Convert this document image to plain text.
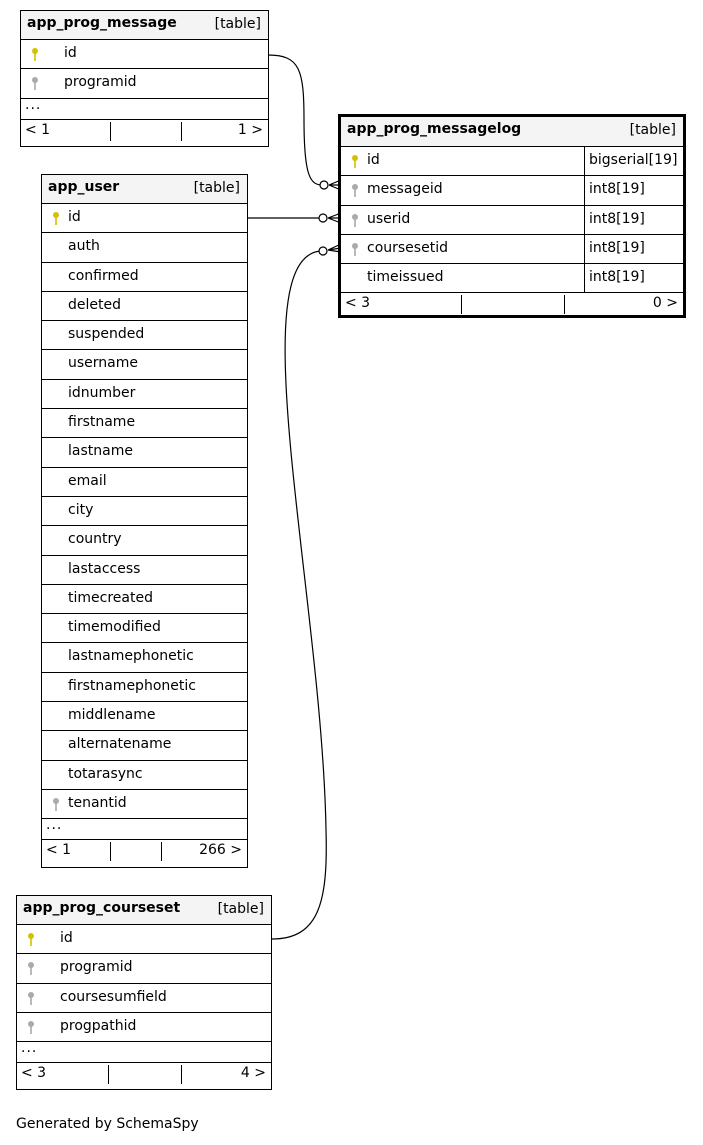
app_prog_message	[table]
id
programid
...
< 1	1 >
app_user	[table]
id
auth
confirmed
deleted
suspended
username
idnumber
firstname
lastname
email
city
country
lastaccess
timecreated
timemodified
lastnamephonetic
firstnamephonetic
middlename
alternatename
totarasync
tenantid
...
< 1	266 >
app_prog_messagelog	[table]
id	bigserial[19]
messageid	int8[19]
userid	int8[19]
coursesetid	int8[19]
timeissued	int8[19]
< 3	0 >
app_prog_courseset	[table]
id
programid
coursesumfield
progpathid
...
< 3	4 >
Generated by SchemaSpy
